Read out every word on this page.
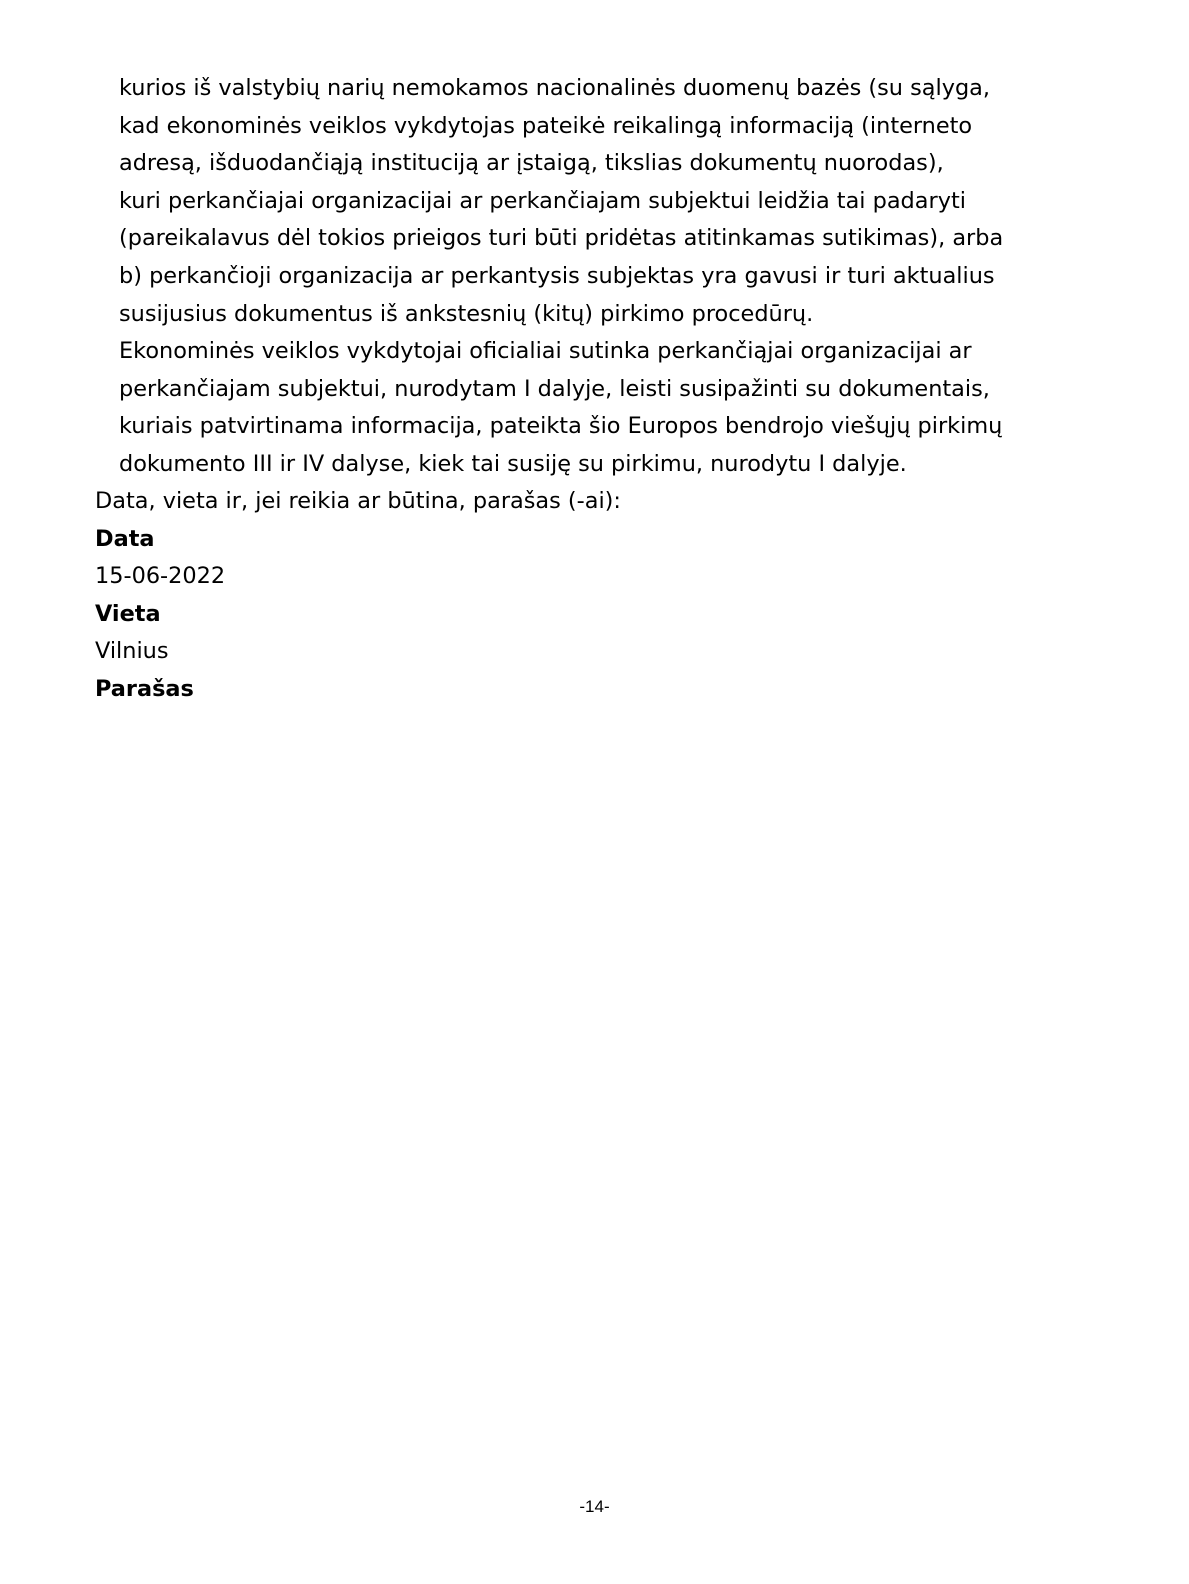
kurios iš valstybių narių nemokamos nacionalinės duomenų bazės (su sąlyga,
kad ekonominės veiklos vykdytojas pateikė reikalingą informaciją (interneto
adresą, išduodančiąją instituciją ar įstaigą, tikslias dokumentų nuorodas),
kuri perkančiajai organizacijai ar perkančiajam subjektui leidžia tai padaryti
(pareikalavus dėl tokios prieigos turi būti pridėtas atitinkamas sutikimas), arba
b) perkančioji organizacija ar perkantysis subjektas yra gavusi ir turi aktualius
susijusius dokumentus iš ankstesnių (kitų) pirkimo procedūrų.
Ekonominės veiklos vykdytojai oficialiai sutinka perkančiąjai organizacijai ar
perkančiajam subjektui, nurodytam I dalyje, leisti susipažinti su dokumentais,
kuriais patvirtinama informacija, pateikta šio Europos bendrojo viešųjų pirkimų
dokumento III ir IV dalyse, kiek tai susiję su pirkimu, nurodytu I dalyje.
Data, vieta ir, jei reikia ar būtina, parašas (-ai):
Data
15-06-2022
Vieta
Vilnius
Parašas
-14-
